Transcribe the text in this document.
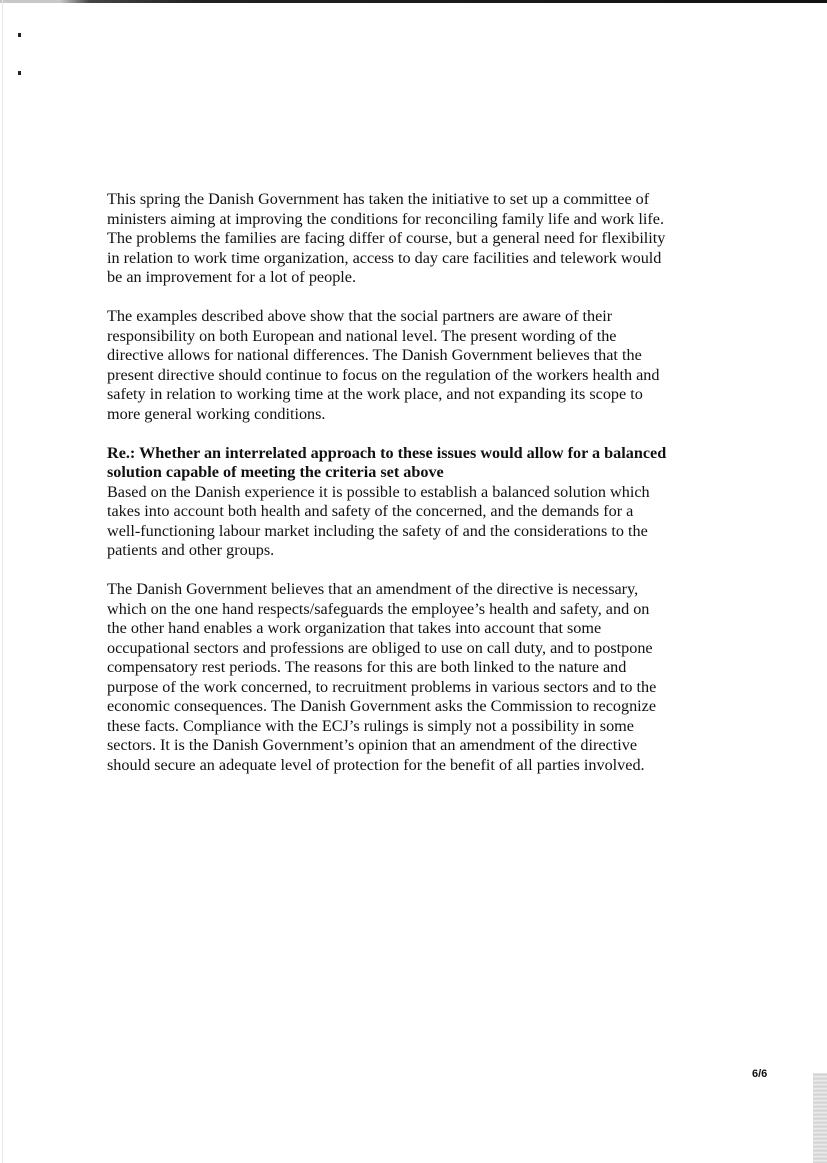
This spring the Danish Government has taken the initiative to set up a committee of ministers aiming at improving the conditions for reconciling family life and work life. The problems the families are facing differ of course, but a general need for flexibility in relation to work time organization, access to day care facilities and telework would be an improvement for a lot of people.

The examples described above show that the social partners are aware of their responsibility on both European and national level. The present wording of the directive allows for national differences. The Danish Government believes that the present directive should continue to focus on the regulation of the workers health and safety in relation to working time at the work place, and not expanding its scope to more general working conditions.

Re.: Whether an interrelated approach to these issues would allow for a balanced solution capable of meeting the criteria set above

Based on the Danish experience it is possible to establish a balanced solution which takes into account both health and safety of the concerned, and the demands for a well-functioning labour market including the safety of and the considerations to the patients and other groups.

The Danish Government believes that an amendment of the directive is necessary, which on the one hand respects/safeguards the employee’s health and safety, and on the other hand enables a work organization that takes into account that some occupational sectors and professions are obliged to use on call duty, and to postpone compensatory rest periods. The reasons for this are both linked to the nature and purpose of the work concerned, to recruitment problems in various sectors and to the economic consequences. The Danish Government asks the Commission to recognize these facts. Compliance with the ECJ’s rulings is simply not a possibility in some sectors. It is the Danish Government’s opinion that an amendment of the directive should secure an adequate level of protection for the benefit of all parties involved.

6/6
